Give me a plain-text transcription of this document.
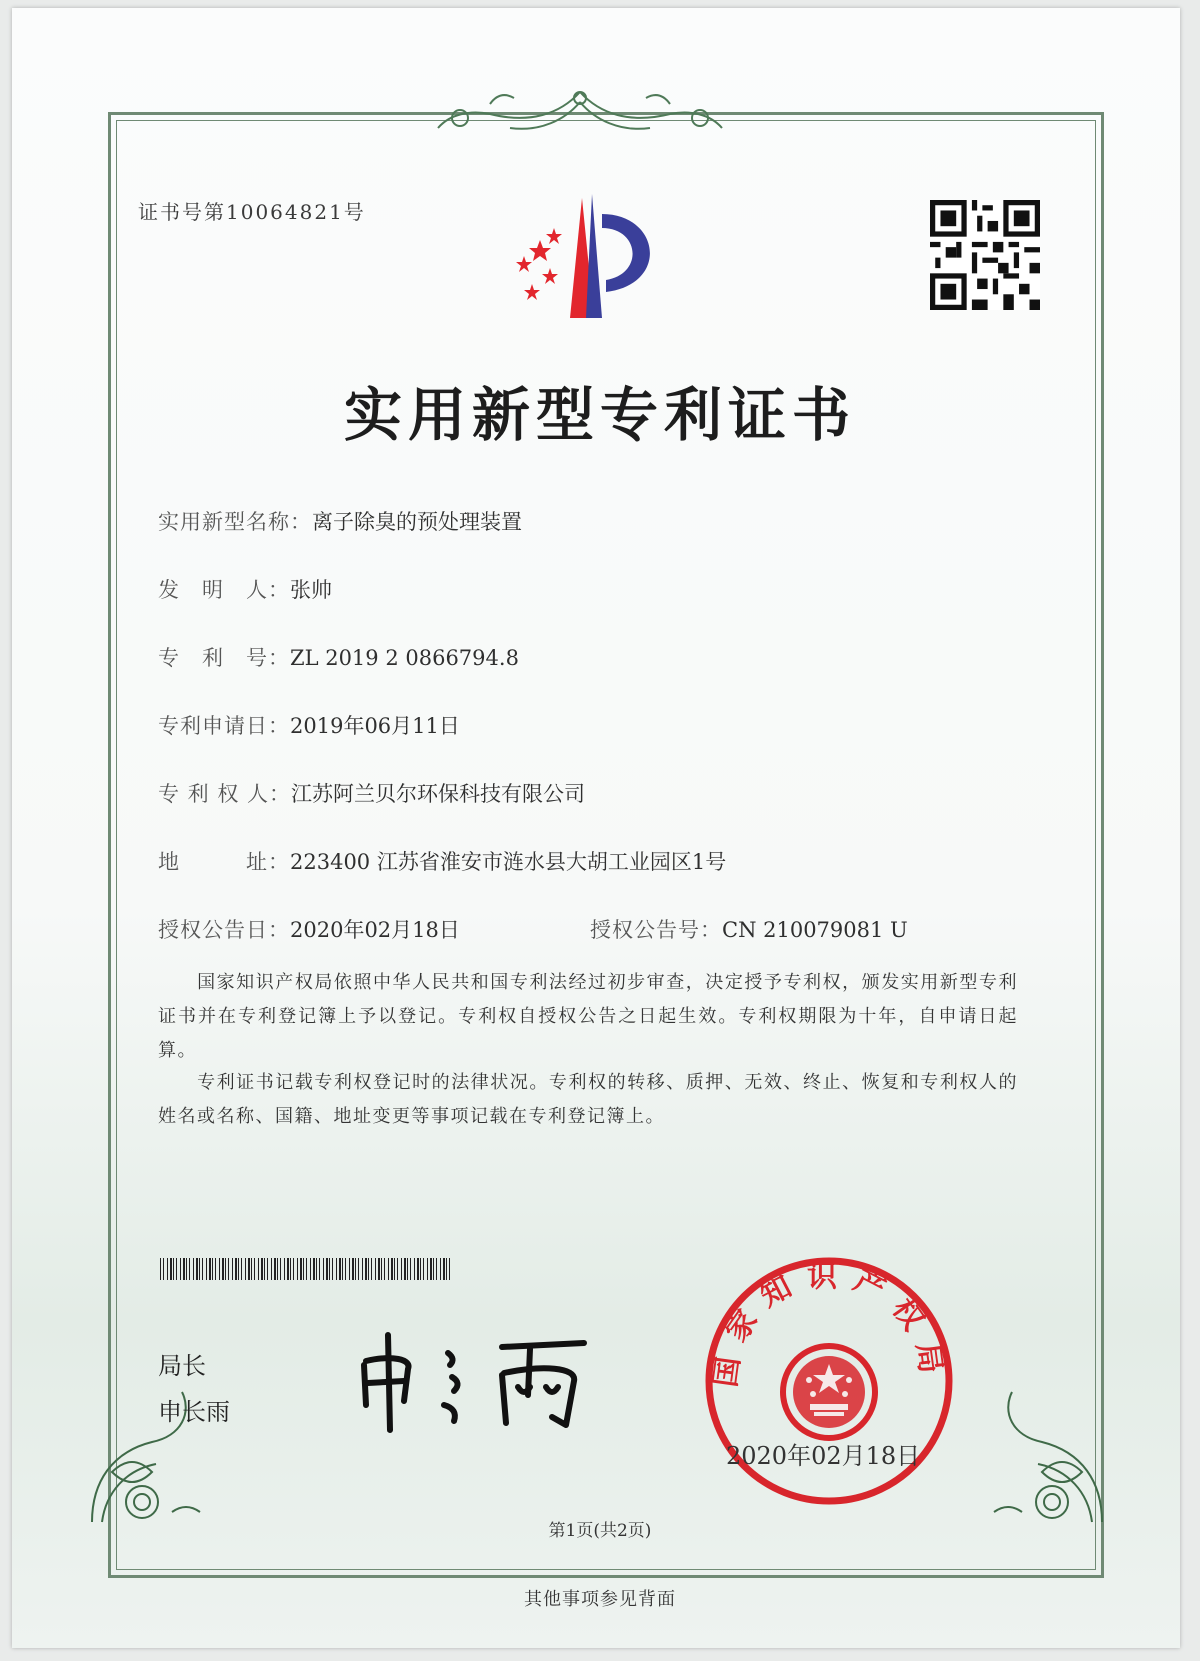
证书号第10064821号
实用新型专利证书
实用新型名称：离子除臭的预处理装置
发　明　人：张帅
专　利　号：ZL 2019 2 0866794.8
专利申请日：2019年06月11日
专 利 权 人：江苏阿兰贝尔环保科技有限公司
地　　　址：223400 江苏省淮安市涟水县大胡工业园区1号
授权公告日：2020年02月18日	授权公告号：CN 210079081 U
　　国家知识产权局依照中华人民共和国专利法经过初步审查，决定授予专利权，颁发实用新型专利证书并在专利登记簿上予以登记。专利权自授权公告之日起生效。专利权期限为十年，自申请日起算。
　　专利证书记载专利权登记时的法律状况。专利权的转移、质押、无效、终止、恢复和专利权人的姓名或名称、国籍、地址变更等事项记载在专利登记簿上。
局长
申长雨
国家知识产权局
2020年02月18日
第1页(共2页)
其他事项参见背面
